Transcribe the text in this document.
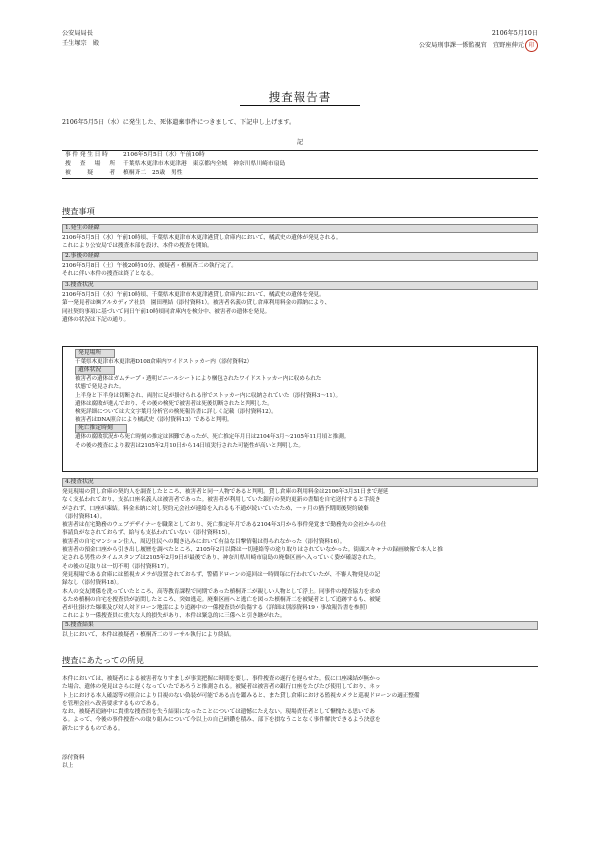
公安局局長
壬生塚宗　殿
2106年5月10日
公安局刑事課一係監視官　宜野座伸元 印
捜査報告書
2106年5月5日（水）に発生した、死体遺棄事件につきまして、下記申し上げます。
記
事件発生日時	2106年5月5日（水）午前10時
捜　査　場　所	千葉県木更津市木更津港　東京都内全域　神奈川県川崎市扇島
被　　疑　　者	槙桐斉二　25歳　男性
捜査事項
1.発生の経緯
2106年5月5日（水）午前10時頃、千葉県木更津市木更津港貸し倉庫内において、橘武史の遺体が発見される。
これにより公安局では捜査本部を設け、本件の捜査を開始。
2.事後の経緯
2106年5月8日（土）午後20時10分、被疑者・槙桐斉二の執行完了。
それに伴い本件の捜査は終了となる。
3.捜査状況
2106年5月5日（水）午前10時頃、千葉県木更津市木更津港貸し倉庫内において、橘武史の遺体を発見。
第一発見者は㈱アルカディア社員　園田理結（添付資料1）。被害者名義の貸し倉庫利用料金の滞納により、
同社契約事項に基づいて同日午前10時頃同倉庫内を検分中、被害者の遺体を発見。
遺体の状況は下記の通り。
発見場所
千葉県木更津市木更津港D108倉庫内ワイドストッカー内（添付資料2）
遺体状況
被害者の遺体はガムテープ・透明ビニールシートにより梱包されたワイドストッカー内に収められた
状態で発見された。
上半身と下半身は切断され、両肘に足が掛けられる形でストッカー内に収納されていた（添付資料3～11）。
遺体は腐敗が進んでおり、その後の検死で被害者は死後切断されたと判明した。
検死詳細については大文字葉月分析官の検死報告書に詳しく記載（添付資料12）。
被害者はDNA照合により橘武史（添付資料13）であると判明。
死亡推定時刻
遺体の腐敗状況から死亡時刻の推定は困難であったが、死亡推定年月日は2104年3月～2105年11月頃と推測。
その後の捜査により殺害は2105年2月10日から14日頃実行された可能性が高いと判明した。
4.捜査状況
発見現場の貸し倉庫の契約人を調査したところ、被害者と同一人物であると判明。貸し倉庫の利用料金は2106年3月31日まで遅延
なく支払われており、支払口座名義人は被害者であった。被害者が利用していた銀行の契約更新の書類を自宅送付すると手続き
がされず、口座が凍結。料金未納に対し契約元会社が連絡を入れるも不通が続いていたため、一ヶ月の猶予期間後契約破棄
（添付資料14）。
被害者は在宅勤務のウェブデザイナーを職業としており、死亡推定年月である2104年3月から事件発覚まで勤務先の会社からの仕
事請負がなされておらず、給与も支払われていない（添付資料15）。
被害者の自宅マンション住人、周辺住民への聞き込みにおいて有益な目撃情報は得られなかった（添付資料16）。
被害者の預金口座から引き出し履歴を調べたところ、2105年2月以降は一切連絡等の途り取りはされていなかった。街頭スキャナの録画映像で本人と推
定される男性のタイムスタンプは2105年2月9日が最後であり、神奈川県川崎市扇島の廃棄区画へ入っていく姿が確認された。
その後の足取りは一切不明（添付資料17）。
発見現場である倉庫には監視カメラが設置されておらず、警備ドローンの巡回は一時間毎に行われていたが、不審人物発見の記
録なし（添付資料18）。
本人の交友関係を洗っていたところ、高等教育課程で同期であった槙桐斉二が親しい人物として浮上。同事件の捜査協力を求め
るため槙桐の自宅を捜査員が訪問したところ、突如逃走。廃棄区画へと逃亡を図った槙桐斉二を被疑者として追跡するも、被疑
者が仕掛けた爆薬及び対人対ドローン地雷により追跡中の一係捜査員が負傷する（詳細は別添資料19・事故報告書を参照）
これにより一係捜査員に重大な人的損失があり、本件は緊急的に三係へと引き継がれた。
5.捜査結果
以上において、本件は被疑者・槙桐斉二のリーサル執行により終結。
捜査にあたっての所見
本件においては、被疑者による被害者なりすましが事実把握に時間を要し、事件捜査の遂行を遅らせた。仮に口座凍結が無かっ
た場合、遺体の発見はさらに遅くなっていたであろうと推測される。被疑者は被害者の銀行口座をたびたび使用しており、ネッ
ト上における本人確認等の照合により目視のない偽装が可能である点を鑑みると、また貸し倉庫における監視カメラと巡視ドローンの適正整備
を管理会社へ改善要求するものである。
なお、被疑者追跡中に貴重な捜査員を失う結果になったことについては遺憾にたえない。現場責任者として慚愧たる思いであ
る。よって、今後の事件捜査への取り組みについて今以上の自己研鑽を積み、部下を損なうことなく事件解決できるよう決意を
新たにするものである。
添付資料
以上
